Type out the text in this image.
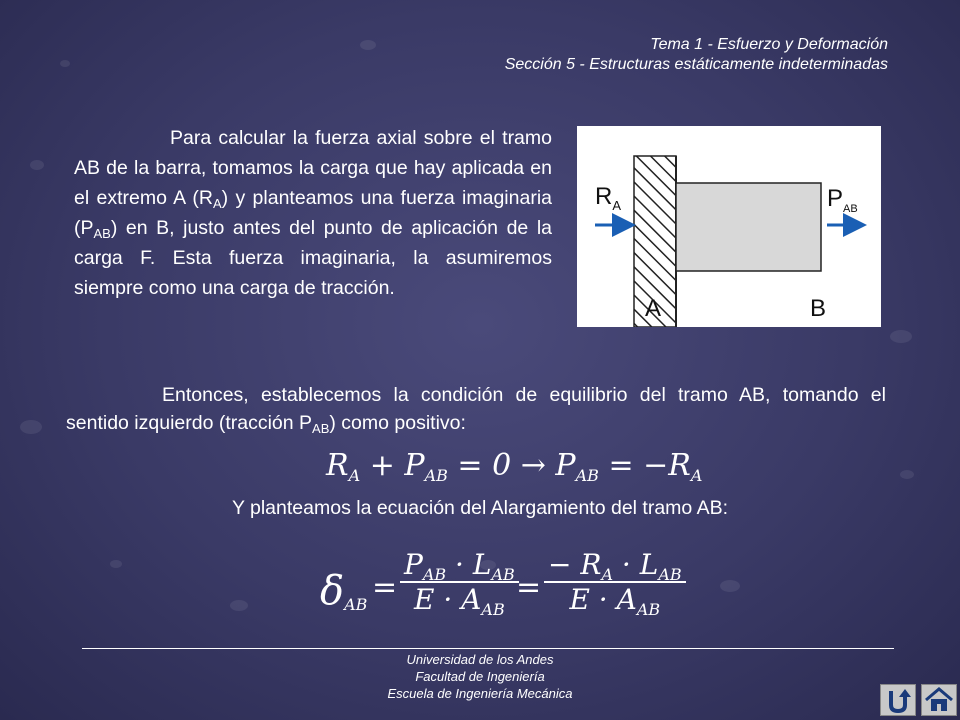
Tema 1 - Esfuerzo y Deformación
Sección 5 - Estructuras estáticamente indeterminadas
Para calcular la fuerza axial sobre el tramo AB de la barra, tomamos la carga que hay aplicada en el extremo A $(R_A)$ y planteamos una fuerza imaginaria $(P_{AB})$ en B, justo antes del punto de aplicación de la carga F. Esta fuerza imaginaria, la asumiremos siempre como una carga de tracción.
$R_A$	$P_{AB}$
A	B
Entonces, establecemos la condición de equilibrio del tramo AB, tomando el sentido izquierdo (tracción $P_{AB}$) como positivo:
$R_A + P_{AB} = 0 \to P_{AB} = -R_A$
Y planteamos la ecuación del Alargamiento del tramo AB:
$\delta_{AB}$ =
$P_{AB} \cdot L_{AB}$
$E \cdot A_{AB}$
=
− $R_A \cdot L_{AB}$
$E \cdot A_{AB}$
Universidad de los Andes
Facultad de Ingeniería
Escuela de Ingeniería Mecánica
